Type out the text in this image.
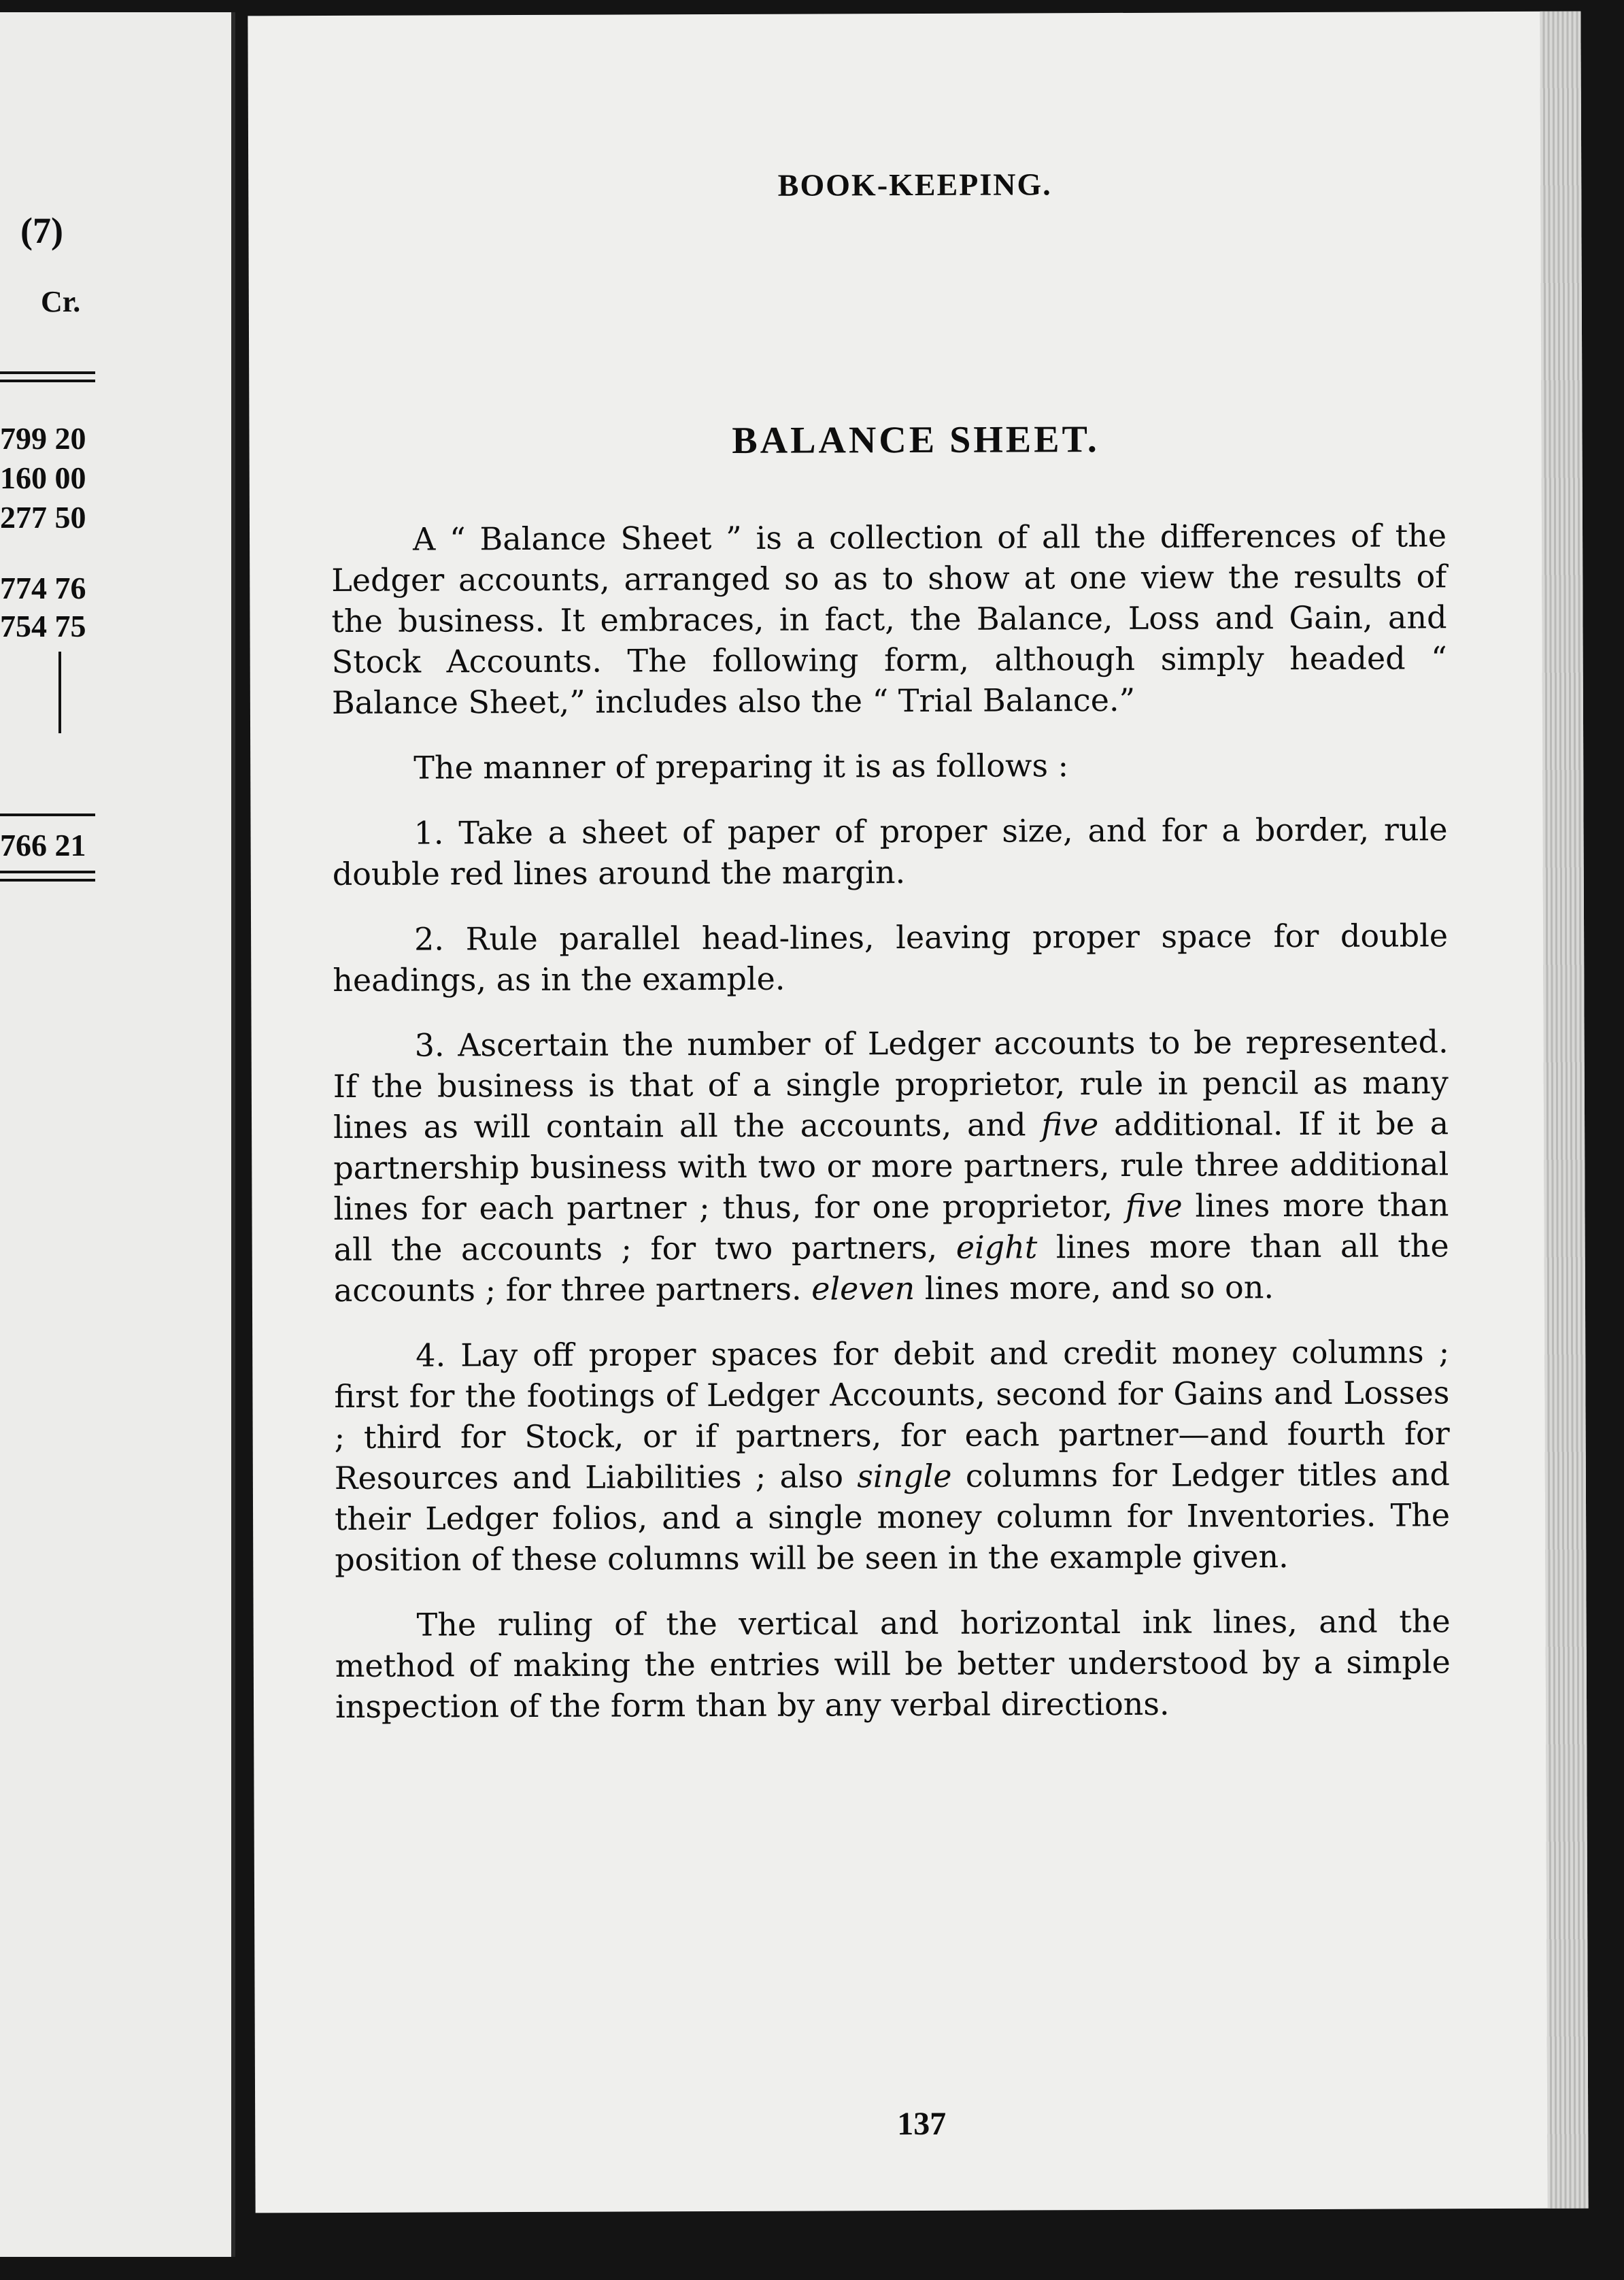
(7)
Cr.
799 20
160 00
277 50
774 76
754 75
766 21
BOOK-KEEPING.
BALANCE SHEET.

A “ Balance Sheet ” is a collection of all the differences of the Ledger accounts, arranged so as to show at one view the results of the business. It embraces, in fact, the Balance, Loss and Gain, and Stock Accounts. The following form, although simply headed “ Balance Sheet,” includes also the “ Trial Balance.”

The manner of preparing it is as follows :

1. Take a sheet of paper of proper size, and for a border, rule double red lines around the margin.

2. Rule parallel head-lines, leaving proper space for double headings, as in the example.

3. Ascertain the number of Ledger accounts to be represented. If the business is that of a single proprietor, rule in pencil as many lines as will contain all the accounts, and five additional. If it be a partnership business with two or more partners, rule three additional lines for each partner ; thus, for one proprietor, five lines more than all the accounts ; for two partners, eight lines more than all the accounts ; for three partners. eleven lines more, and so on.

4. Lay off proper spaces for debit and credit money columns ; first for the footings of Ledger Accounts, second for Gains and Losses ; third for Stock, or if partners, for each partner—and fourth for Resources and Liabilities ; also single columns for Ledger titles and their Ledger folios, and a single money column for Inventories. The position of these columns will be seen in the example given.

The ruling of the vertical and horizontal ink lines, and the method of making the entries will be better understood by a simple inspection of the form than by any verbal directions.

137
